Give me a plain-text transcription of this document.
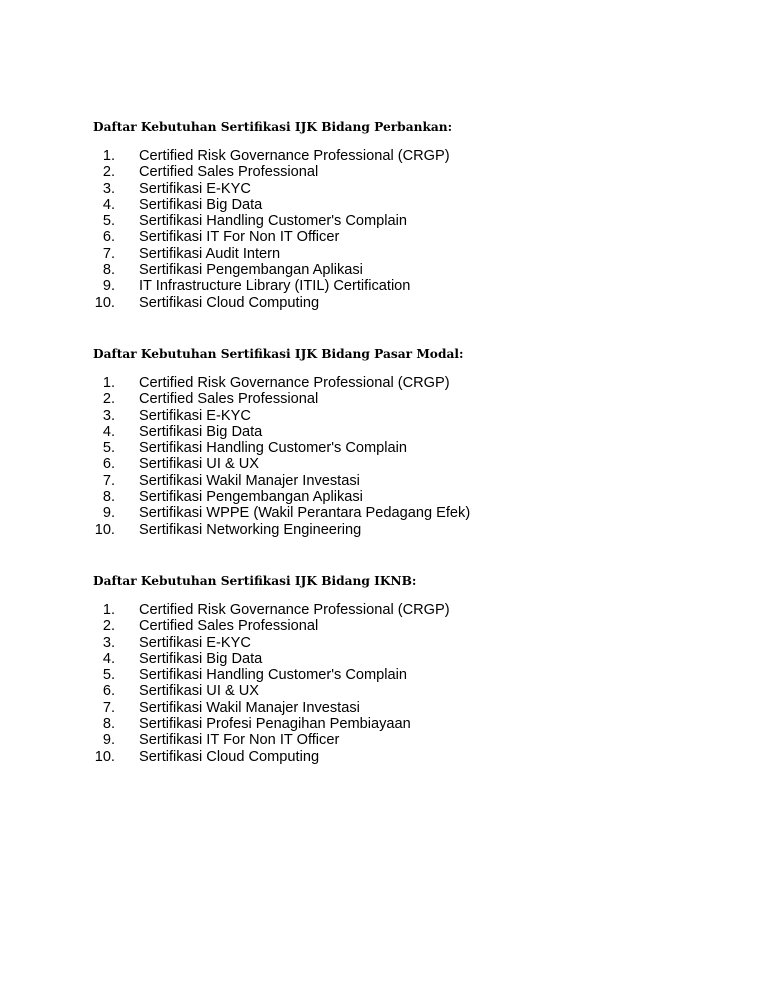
Daftar Kebutuhan Sertifikasi IJK Bidang Perbankan:
1. Certified Risk Governance Professional (CRGP)
2. Certified Sales Professional
3. Sertifikasi E-KYC
4. Sertifikasi Big Data
5. Sertifikasi Handling Customer's Complain
6. Sertifikasi IT For Non IT Officer
7. Sertifikasi Audit Intern
8. Sertifikasi Pengembangan Aplikasi
9. IT Infrastructure Library (ITIL) Certification
10. Sertifikasi Cloud Computing
Daftar Kebutuhan Sertifikasi IJK Bidang Pasar Modal:
1. Certified Risk Governance Professional (CRGP)
2. Certified Sales Professional
3. Sertifikasi E-KYC
4. Sertifikasi Big Data
5. Sertifikasi Handling Customer's Complain
6. Sertifikasi UI & UX
7. Sertifikasi Wakil Manajer Investasi
8. Sertifikasi Pengembangan Aplikasi
9. Sertifikasi WPPE (Wakil Perantara Pedagang Efek)
10. Sertifikasi Networking Engineering
Daftar Kebutuhan Sertifikasi IJK Bidang IKNB:
1. Certified Risk Governance Professional (CRGP)
2. Certified Sales Professional
3. Sertifikasi E-KYC
4. Sertifikasi Big Data
5. Sertifikasi Handling Customer's Complain
6. Sertifikasi UI & UX
7. Sertifikasi Wakil Manajer Investasi
8. Sertifikasi Profesi Penagihan Pembiayaan
9. Sertifikasi IT For Non IT Officer
10. Sertifikasi Cloud Computing
